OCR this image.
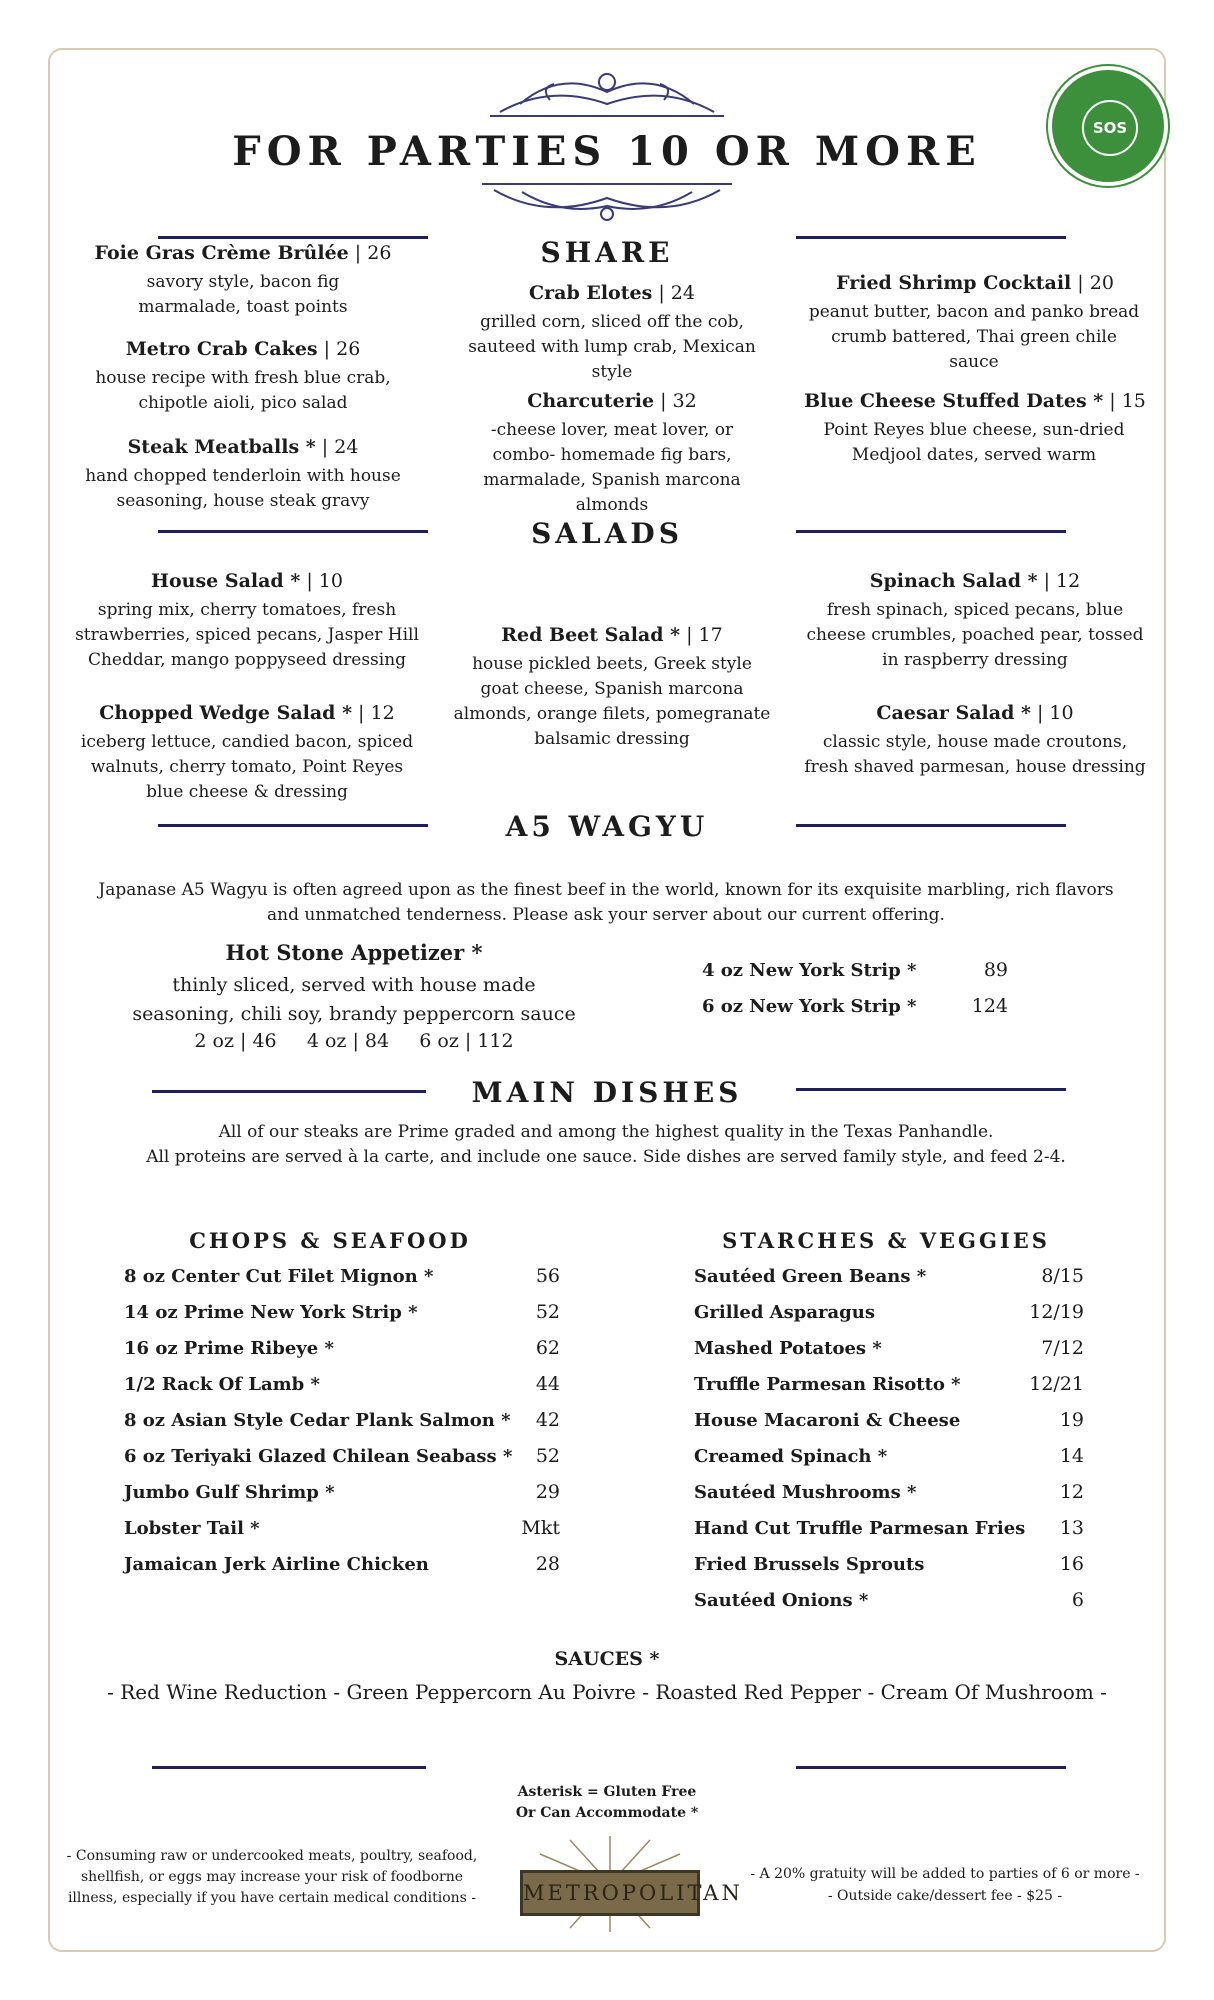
FOR PARTIES 10 OR MORE	SOS
SHARE
Foie Gras Crème Brûlée | 26
savory style, bacon fig marmalade, toast points
Metro Crab Cakes | 26
house recipe with fresh blue crab, chipotle aioli, pico salad
Steak Meatballs * | 24
hand chopped tenderloin with house seasoning, house steak gravy
Crab Elotes | 24
grilled corn, sliced off the cob, sauteed with lump crab, Mexican style
Charcuterie | 32
-cheese lover, meat lover, or combo- homemade fig bars, marmalade, Spanish marcona almonds
Fried Shrimp Cocktail | 20
peanut butter, bacon and panko bread crumb battered, Thai green chile sauce
Blue Cheese Stuffed Dates * | 15
Point Reyes blue cheese, sun-dried Medjool dates, served warm
SALADS
House Salad * | 10
spring mix, cherry tomatoes, fresh strawberries, spiced pecans, Jasper Hill Cheddar, mango poppyseed dressing
Chopped Wedge Salad * | 12
iceberg lettuce, candied bacon, spiced walnuts, cherry tomato, Point Reyes blue cheese & dressing
Red Beet Salad * | 17
house pickled beets, Greek style goat cheese, Spanish marcona almonds, orange filets, pomegranate balsamic dressing
Spinach Salad * | 12
fresh spinach, spiced pecans, blue cheese crumbles, poached pear, tossed in raspberry dressing
Caesar Salad * | 10
classic style, house made croutons, fresh shaved parmesan, house dressing
A5 WAGYU
Japanase A5 Wagyu is often agreed upon as the finest beef in the world, known for its exquisite marbling, rich flavors and unmatched tenderness. Please ask your server about our current offering.
Hot Stone Appetizer *
thinly sliced, served with house made seasoning, chili soy, brandy peppercorn sauce
2 oz | 46     4 oz | 84     6 oz | 112
4 oz New York Strip *	89
6 oz New York Strip *	124
MAIN DISHES
All of our steaks are Prime graded and among the highest quality in the Texas Panhandle.
All proteins are served à la carte, and include one sauce. Side dishes are served family style, and feed 2-4.
CHOPS & SEAFOOD	STARCHES & VEGGIES
8 oz Center Cut Filet Mignon *	56
14 oz Prime New York Strip *	52
16 oz Prime Ribeye *	62
1/2 Rack Of Lamb *	44
8 oz Asian Style Cedar Plank Salmon * 42
6 oz Teriyaki Glazed Chilean Seabass * 52
Jumbo Gulf Shrimp *	29
Lobster Tail *	Mkt
Jamaican Jerk Airline Chicken	28
Sautéed Green Beans *	8/15
Grilled Asparagus	12/19
Mashed Potatoes *	7/12
Truffle Parmesan Risotto *	12/21
House Macaroni & Cheese	19
Creamed Spinach *	14
Sautéed Mushrooms *	12
Hand Cut Truffle Parmesan Fries 13
Fried Brussels Sprouts	16
Sautéed Onions *	6
SAUCES *
- Red Wine Reduction - Green Peppercorn Au Poivre - Roasted Red Pepper - Cream Of Mushroom -
Asterisk = Gluten Free
Or Can Accommodate *
- Consuming raw or undercooked meats, poultry, seafood, shellfish, or eggs may increase your risk of foodborne illness, especially if you have certain medical conditions - METROPOLITAN
- A 20% gratuity will be added to parties of 6 or more -
- Outside cake/dessert fee - $25 -
